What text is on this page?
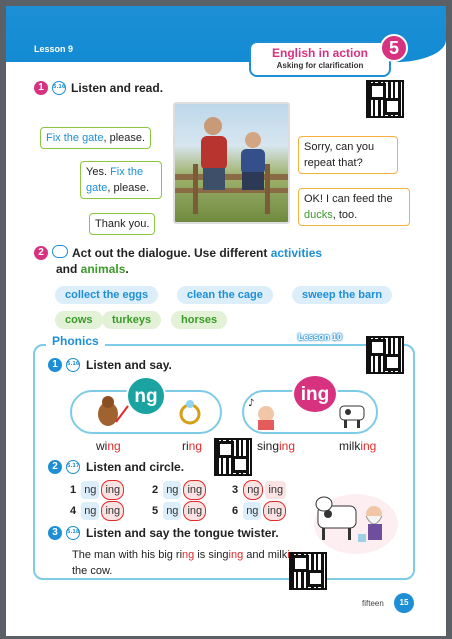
Lesson 9	English in action
Asking for clarification
5
1	5.16 Listen and read.
Fix the gate, please.
Yes. Fix the
gate, please.
Thank you.
Sorry, can you repeat that?
OK! I can feed the ducks, too.
2	Act out the dialogue. Use different activities
and animals.
collect the eggs	clean the cage	sweep the barn
cows	turkeys	horses
Phonics	Lesson 10
1	5.16 Listen and say.
ng	♪	ing
wing	ring	singing	milking
2	5.17 Listen and circle.
1 ng ing	2 ng ing	3 ng ing
4 ng ing	5 ng ing	6 ng ing
3	5.18 Listen and say the tongue twister.
The man with his big ring is singing and milk the cow.
fifteen	15
